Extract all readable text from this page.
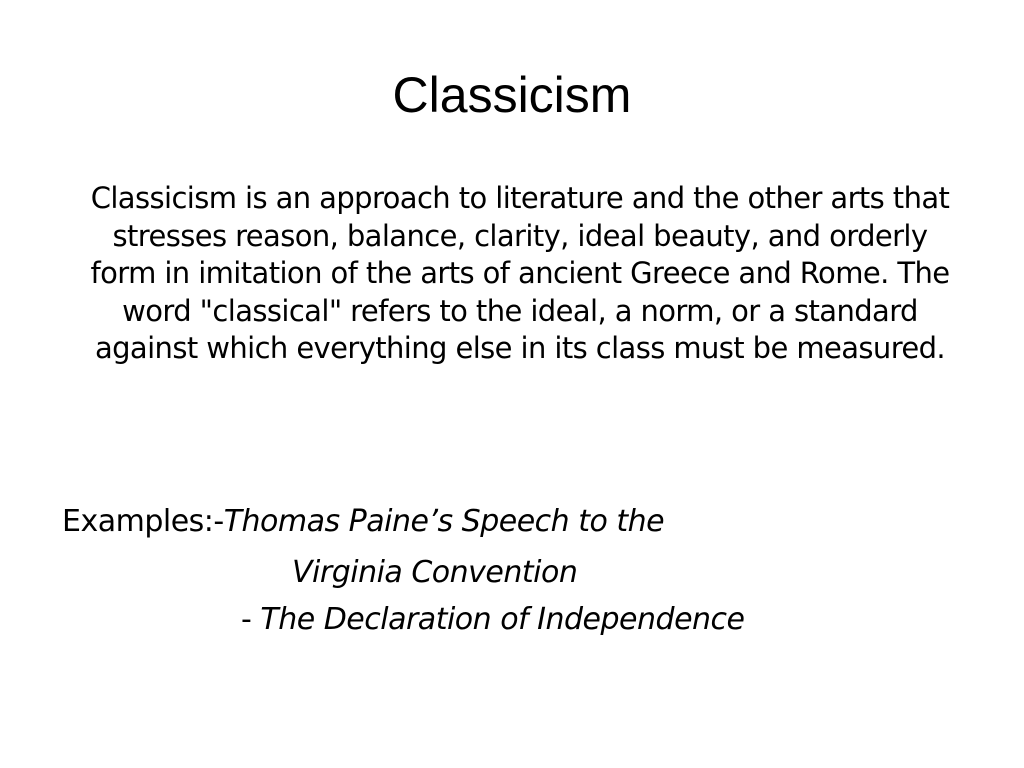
Classicism

Classicism is an approach to literature and the other arts that stresses reason, balance, clarity, ideal beauty, and orderly form in imitation of the arts of ancient Greece and Rome. The word "classical" refers to the ideal, a norm, or a standard against which everything else in its class must be measured.

Examples:-Thomas Paine’s Speech to the
Virginia Convention
- The Declaration of Independence
